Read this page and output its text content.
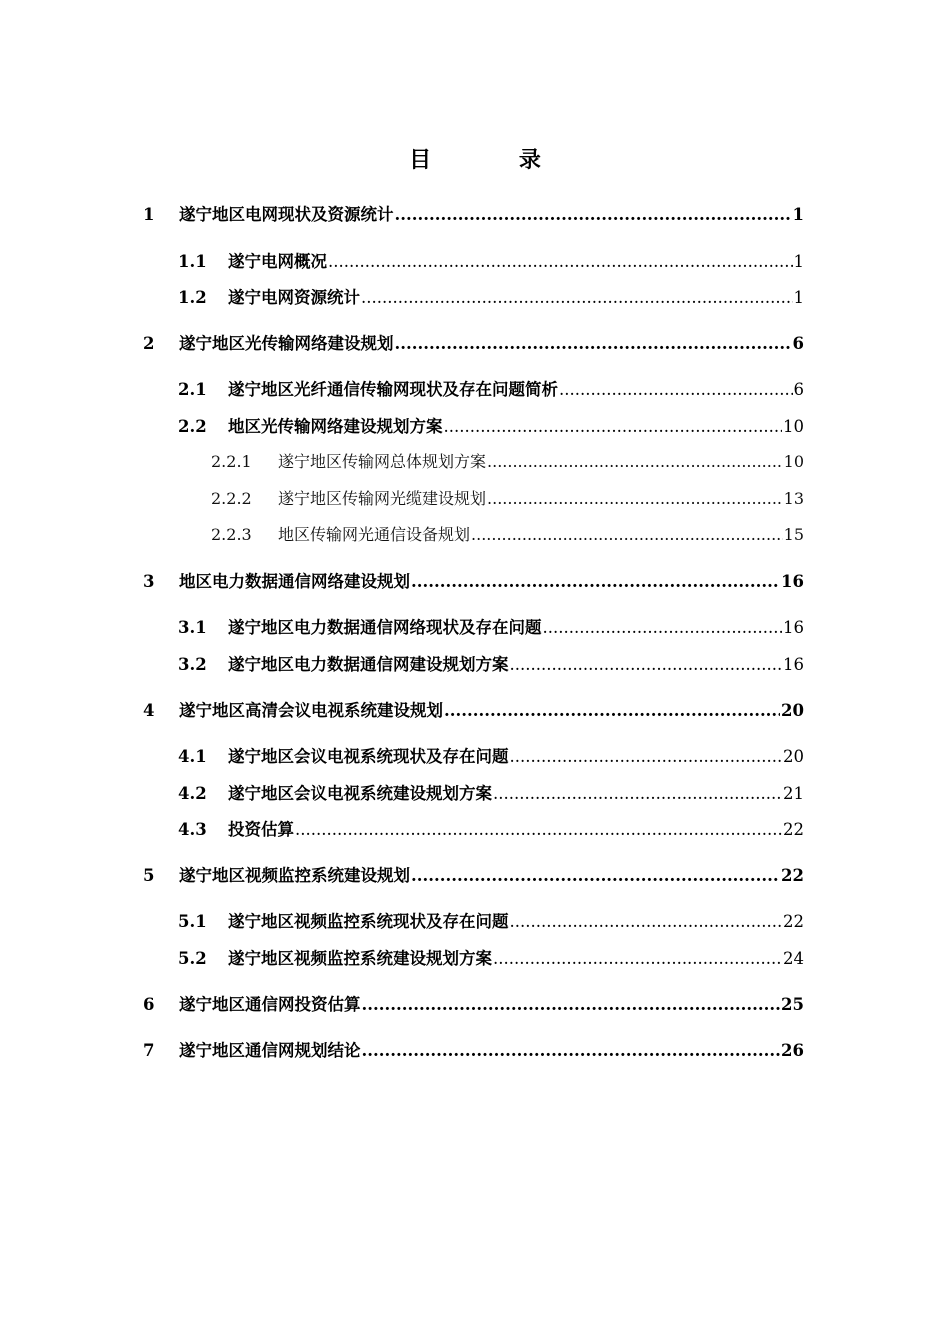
目 录
1	遂宁地区电网现状及资源统计 .....	1
1.1	遂宁电网概况 .....	1
1.2	遂宁电网资源统计 .....	1
2	遂宁地区光传输网络建设规划 .....	6
2.1	遂宁地区光纤通信传输网现状及存在问题简析 .....	6
2.2	地区光传输网络建设规划方案 .....	10
2.2.1	遂宁地区传输网总体规划方案 .....	10
2.2.2	遂宁地区传输网光缆建设规划 .....	13
2.2.3	地区传输网光通信设备规划 .....	15
3	地区电力数据通信网络建设规划 .....	16
3.1	遂宁地区电力数据通信网络现状及存在问题 .....	16
3.2	遂宁地区电力数据通信网建设规划方案 .....	16
4	遂宁地区高清会议电视系统建设规划 .....	20
4.1	遂宁地区会议电视系统现状及存在问题 .....	20
4.2	遂宁地区会议电视系统建设规划方案 .....	21
4.3	投资估算 .....	22
5	遂宁地区视频监控系统建设规划 .....	22
5.1	遂宁地区视频监控系统现状及存在问题 .....	22
5.2	遂宁地区视频监控系统建设规划方案 .....	24
6	遂宁地区通信网投资估算 .....	25
7	遂宁地区通信网规划结论 .....	26
